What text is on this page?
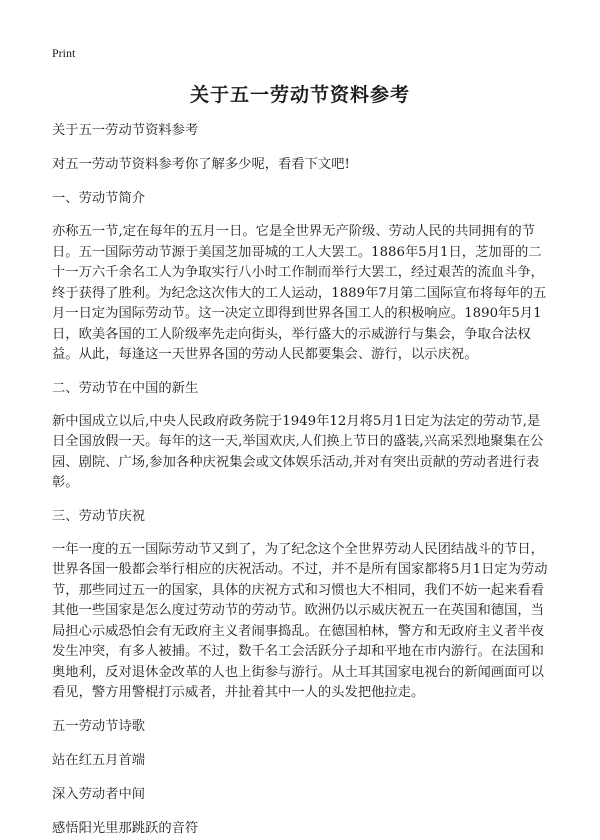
Print
关于五一劳动节资料参考

关于五一劳动节资料参考

对五一劳动节资料参考你了解多少呢，看看下文吧!

一、劳动节简介

亦称五一节,定在每年的五月一日。它是全世界无产阶级、劳动人民的共同拥有的节日。五一国际劳动节源于美国芝加哥城的工人大罢工。1886年5月1日，芝加哥的二十一万六千余名工人为争取实行八小时工作制而举行大罢工，经过艰苦的流血斗争，终于获得了胜利。为纪念这次伟大的工人运动，1889年7月第二国际宣布将每年的五月一日定为国际劳动节。这一决定立即得到世界各国工人的积极响应。1890年5月1日，欧美各国的工人阶级率先走向街头，举行盛大的示威游行与集会，争取合法权益。从此，每逢这一天世界各国的劳动人民都要集会、游行，以示庆祝。

二、劳动节在中国的新生

新中国成立以后,中央人民政府政务院于1949年12月将5月1日定为法定的劳动节,是日全国放假一天。每年的这一天,举国欢庆,人们换上节日的盛装,兴高采烈地聚集在公园、剧院、广场,参加各种庆祝集会或文体娱乐活动,并对有突出贡献的劳动者进行表彰。

三、劳动节庆祝

一年一度的五一国际劳动节又到了，为了纪念这个全世界劳动人民团结战斗的节日，世界各国一般都会举行相应的庆祝活动。不过，并不是所有国家都将5月1日定为劳动节，那些同过五一的国家，具体的庆祝方式和习惯也大不相同，我们不妨一起来看看其他一些国家是怎么度过劳动节的劳动节。欧洲仍以示威庆祝五一在英国和德国，当局担心示威恐怕会有无政府主义者闹事捣乱。在德国柏林，警方和无政府主义者半夜发生冲突，有多人被捕。不过，数千名工会活跃分子却和平地在市内游行。在法国和奥地利，反对退休金改革的人也上街参与游行。从土耳其国家电视台的新闻画面可以看见，警方用警棍打示威者，并扯着其中一人的头发把他拉走。

五一劳动节诗歌

站在红五月首端

深入劳动者中间

感悟阳光里那跳跃的音符
